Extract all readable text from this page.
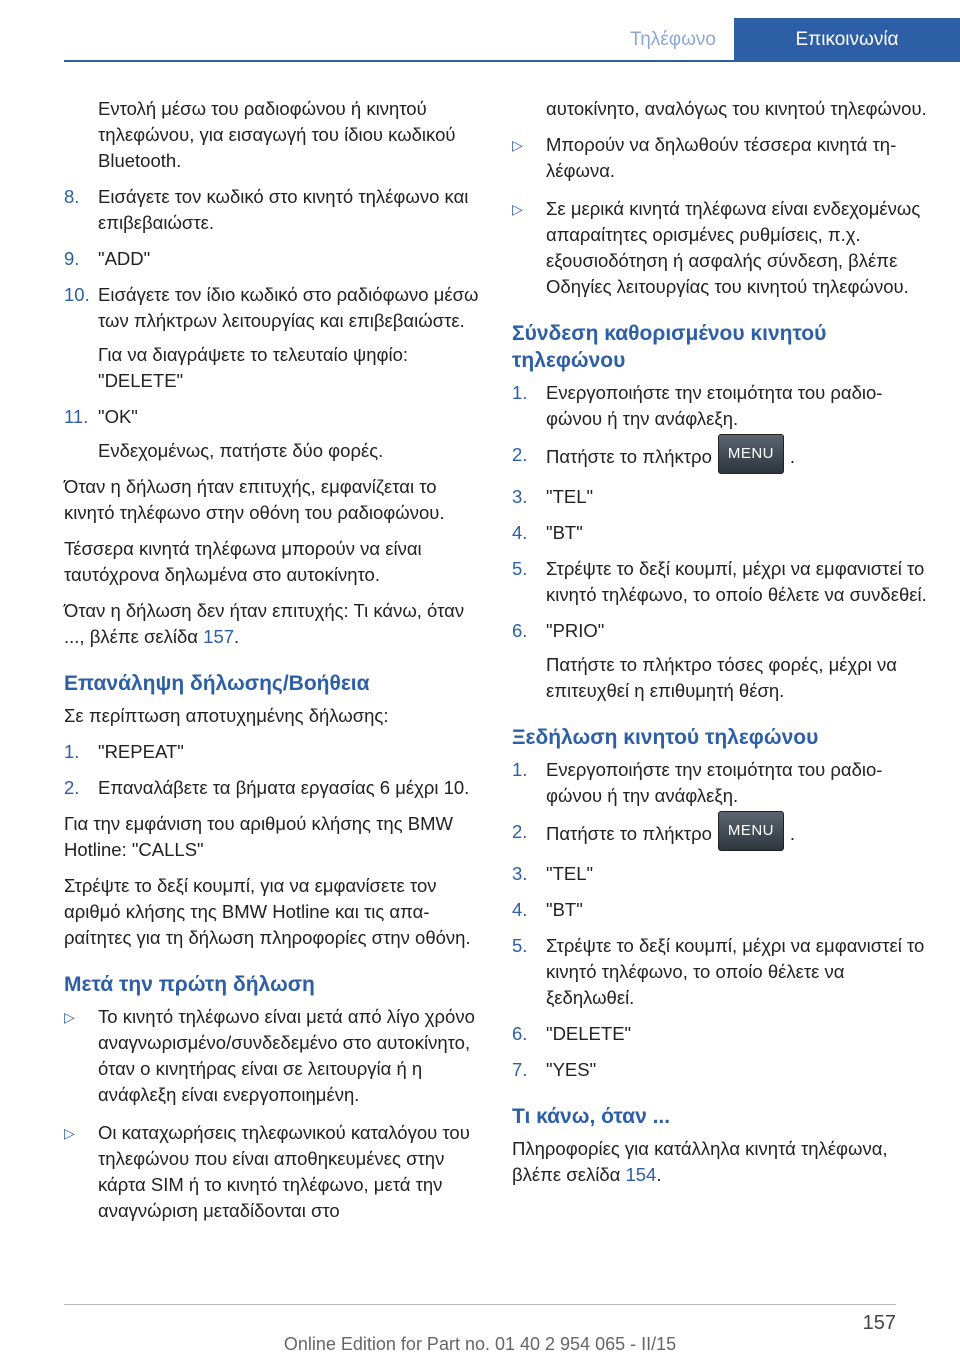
Τηλέφωνο	Επικοινωνία

Εντολή μέσω του ραδιοφώνου ή κινητού τηλεφώνου, για εισαγωγή του ίδιου κωδικού Bluetooth.

8.	Εισάγετε τον κωδικό στο κινητό τηλέφωνο και επιβεβαιώστε.
9.	"ADD"
10. Εισάγετε τον ίδιο κωδικό στο ραδιόφωνο μέσω των πλήκτρων λειτουργίας και επιβεβαιώστε.

Για να διαγράψετε το τελευταίο ψηφίο: "DELETE"

11. "OK"

Ενδεχομένως, πατήστε δύο φορές.

Όταν η δήλωση ήταν επιτυχής, εμφανίζεται το κινητό τηλέφωνο στην οθόνη του ραδιοφώνου.

Τέσσερα κινητά τηλέφωνα μπορούν να είναι ταυτόχρονα δηλωμένα στο αυτοκίνητο.

Όταν η δήλωση δεν ήταν επιτυχής: Τι κάνω, όταν ..., βλέπε σελίδα 157.

Επανάληψη δήλωσης/Βοήθεια

Σε περίπτωση αποτυχημένης δήλωσης:

1.	"REPEAT"
2.	Επαναλάβετε τα βήματα εργασίας 6 μέχρι 10.

Για την εμφάνιση του αριθμού κλήσης της BMW Hotline: "CALLS"

Στρέψτε το δεξί κουμπί, για να εμφανίσετε τον αριθμό κλήσης της BMW Hotline και τις απαραίτητες για τη δήλωση πληροφορίες στην οθόνη.

Μετά την πρώτη δήλωση
▷	Το κινητό τηλέφωνο είναι μετά από λίγο χρόνο αναγνωρισμένο/συνδεδεμένο στο αυτοκίνητο, όταν ο κινητήρας είναι σε λειτουργία ή η ανάφλεξη είναι ενεργοποιημένη.
▷	Οι καταχωρήσεις τηλεφωνικού καταλόγου του τηλεφώνου που είναι αποθηκευμένες στην κάρτα SIM ή το κινητό τηλέφωνο, μετά την αναγνώριση μεταδίδονται στο

αυτοκίνητο, αναλόγως του κινητού τηλεφώνου.

▷	Μπορούν να δηλωθούν τέσσερα κινητά τηλέφωνα.
▷	Σε μερικά κινητά τηλέφωνα είναι ενδεχομένως απαραίτητες ορισμένες ρυθμίσεις, π.χ. εξουσιοδότηση ή ασφαλής σύνδεση, βλέπε Οδηγίες λειτουργίας του κινητού τηλεφώνου.
Σύνδεση καθορισμένου κινητού τηλεφώνου
1.	Ενεργοποιήστε την ετοιμότητα του ραδιοφώνου ή την ανάφλεξη.
2.	Πατήστε το πλήκτρο MENU .
3.	"TEL"
4.	"BT"
5.	Στρέψτε το δεξί κουμπί, μέχρι να εμφανιστεί το κινητό τηλέφωνο, το οποίο θέλετε να συνδεθεί.
6.	"PRIO"

Πατήστε το πλήκτρο τόσες φορές, μέχρι να επιτευχθεί η επιθυμητή θέση.

Ξεδήλωση κινητού τηλεφώνου
1.	Ενεργοποιήστε την ετοιμότητα του ραδιοφώνου ή την ανάφλεξη.
2.	Πατήστε το πλήκτρο MENU .
3.	"TEL"
4.	"BT"
5.	Στρέψτε το δεξί κουμπί, μέχρι να εμφανιστεί το κινητό τηλέφωνο, το οποίο θέλετε να ξεδηλωθεί.
6.	"DELETE"
7.	"YES"
Τι κάνω, όταν ...

Πληροφορίες για κατάλληλα κινητά τηλέφωνα, βλέπε σελίδα 154.

157
Online Edition for Part no. 01 40 2 954 065 - II/15
